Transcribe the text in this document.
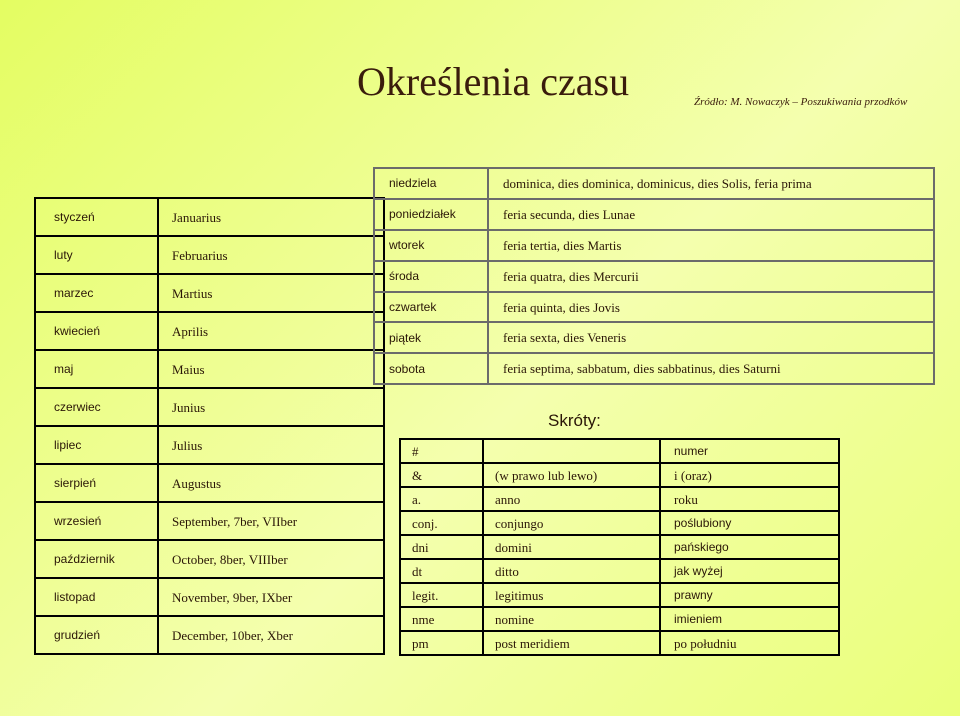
Określenia czasu	Źródło: M. Nowaczyk – Poszukiwania przodków
styczeń	Januarius
luty	Februarius
marzec	Martius
kwiecień	Aprilis
maj	Maius
czerwiec	Junius
lipiec	Julius
sierpień	Augustus
wrzesień	September, 7ber, VIIber
październik	October, 8ber, VIIIber
listopad	November, 9ber, IXber
grudzień	December, 10ber, Xber
niedziela	dominica, dies dominica, dominicus, dies Solis, feria prima
poniedziałek	feria secunda, dies Lunae
wtorek	feria tertia, dies Martis
środa	feria quatra, dies Mercurii
czwartek	feria quinta, dies Jovis
piątek	feria sexta, dies Veneris
sobota	feria septima, sabbatum, dies sabbatinus, dies Saturni
Skróty:
#		numer
&	(w prawo lub lewo)	i (oraz)
a.	anno	roku
conj.	conjungo	poślubiony
dni	domini	pańskiego
dt	ditto	jak wyżej
legit.	legitimus	prawny
nme	nomine	imieniem
pm	post meridiem	po południu
